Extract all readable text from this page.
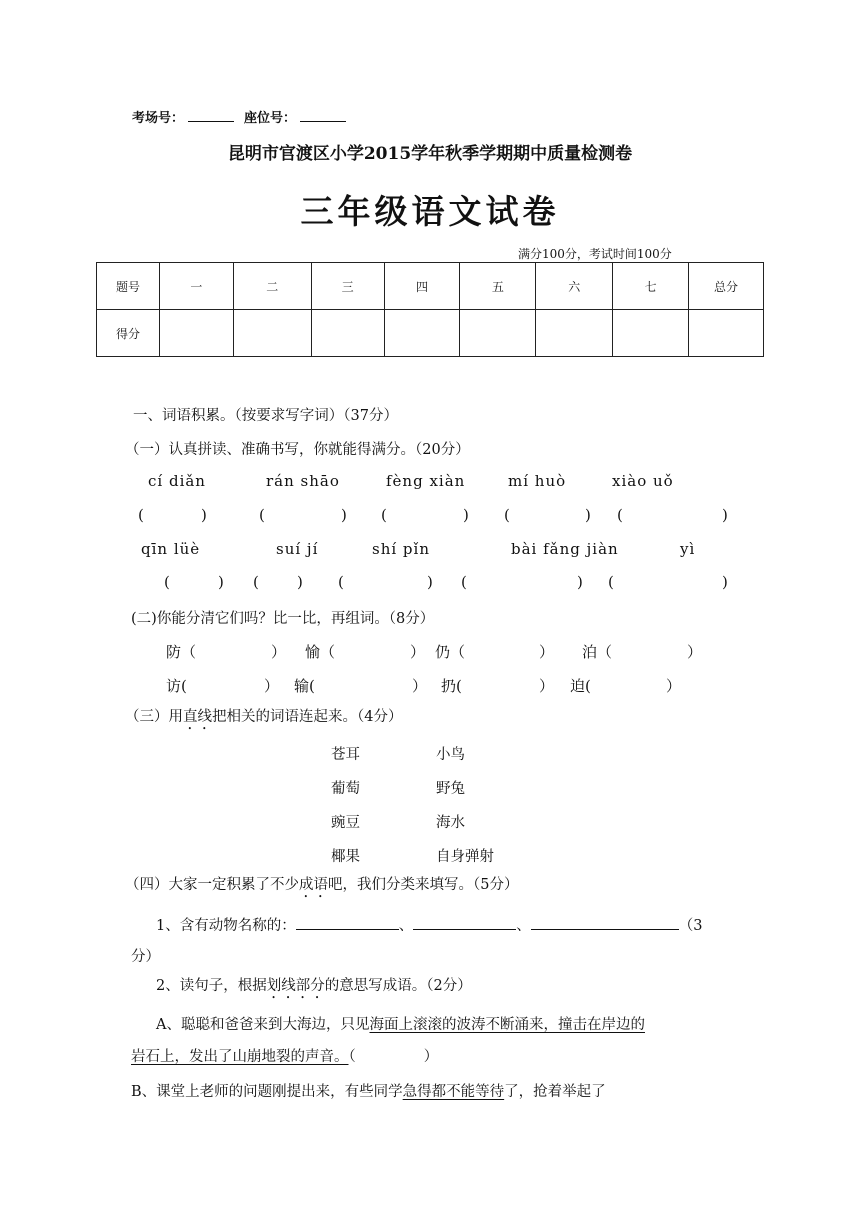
考场号：	座位号：
昆明市官渡区小学2015学年秋季学期期中质量检测卷
三年级语文试卷
满分100分，考试时间100分
题号	一	二	三	四	五	六	七	总分
得分								
一、词语积累。（按要求写字词）（37分）
（一）认真拼读、准确书写，你就能得满分。（20分）
cí diǎn	rán shāo	fèng xiàn	mí huò	xiào uǒ
(	)	(	) (	) (	) (	)
qīn lüè	suí jí	shí pǐn	bài fǎng jiàn	yì
(	) (	) (	) (	) (	)
(二)你能分清它们吗？比一比，再组词。（8分）
防（	） 愉（	） 仍（	） 泊（	）
访(	） 输(	） 扔(	） 迫(	）
（三）用直线把相关的词语连起来。（4分）
苍耳
葡萄
豌豆
椰果
小鸟
野兔
海水
自身弹射
（四）大家一定积累了不少成语吧，我们分类来填写。（5分）
1、含有动物名称的：	、	、	（3
分）
2、读句子，根据划线部分的意思写成语。（2分）
A、聪聪和爸爸来到大海边，只见海面上滚滚的波涛不断涌来，撞击在岸边的
岩石上，发出了山崩地裂的声音。（	）
B、课堂上老师的问题刚提出来，有些同学急得都不能等待了，抢着举起了
